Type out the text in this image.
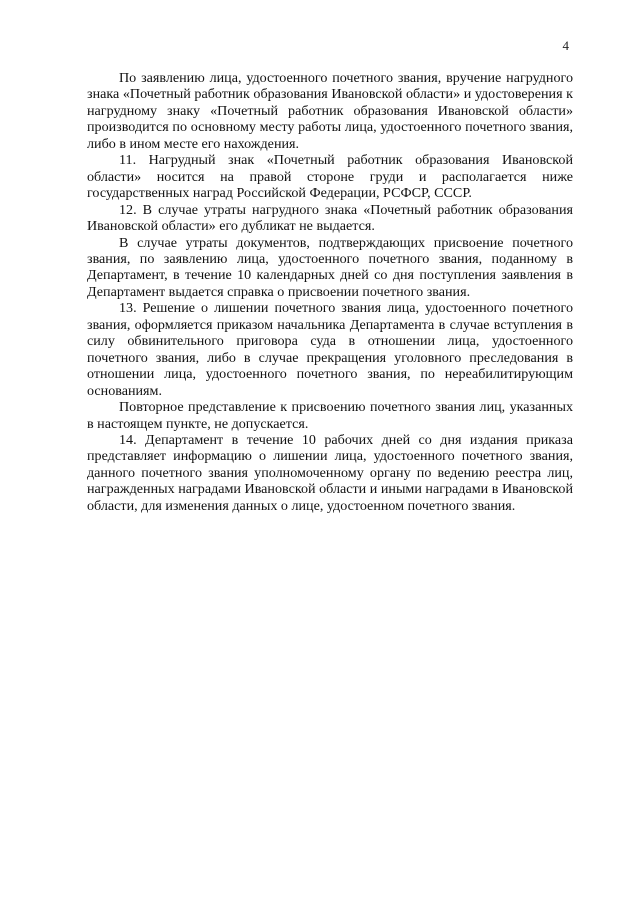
4

По заявлению лица, удостоенного почетного звания, вручение нагрудного знака «Почетный работник образования Ивановской области» и удостоверения к нагрудному знаку «Почетный работник образования Ивановской области» производится по основному месту работы лица, удостоенного почетного звания, либо в ином месте его нахождения.

11. Нагрудный знак «Почетный работник образования Ивановской области» носится на правой стороне груди и располагается ниже государственных наград Российской Федерации, РСФСР, СССР.

12. В случае утраты нагрудного знака «Почетный работник образования Ивановской области» его дубликат не выдается.

В случае утраты документов, подтверждающих присвоение почетного звания, по заявлению лица, удостоенного почетного звания, поданному в Департамент, в течение 10 календарных дней со дня поступления заявления в Департамент выдается справка о присвоении почетного звания.

13. Решение о лишении почетного звания лица, удостоенного почетного звания, оформляется приказом начальника Департамента в случае вступления в силу обвинительного приговора суда в отношении лица, удостоенного почетного звания, либо в случае прекращения уголовного преследования в отношении лица, удостоенного почетного звания, по нереабилитирующим основаниям.

Повторное представление к присвоению почетного звания лиц, указанных в настоящем пункте, не допускается.

14. Департамент в течение 10 рабочих дней со дня издания приказа представляет информацию о лишении лица, удостоенного почетного звания, данного почетного звания уполномоченному органу по ведению реестра лиц, награжденных наградами Ивановской области и иными наградами в Ивановской области, для изменения данных о лице, удостоенном почетного звания.
